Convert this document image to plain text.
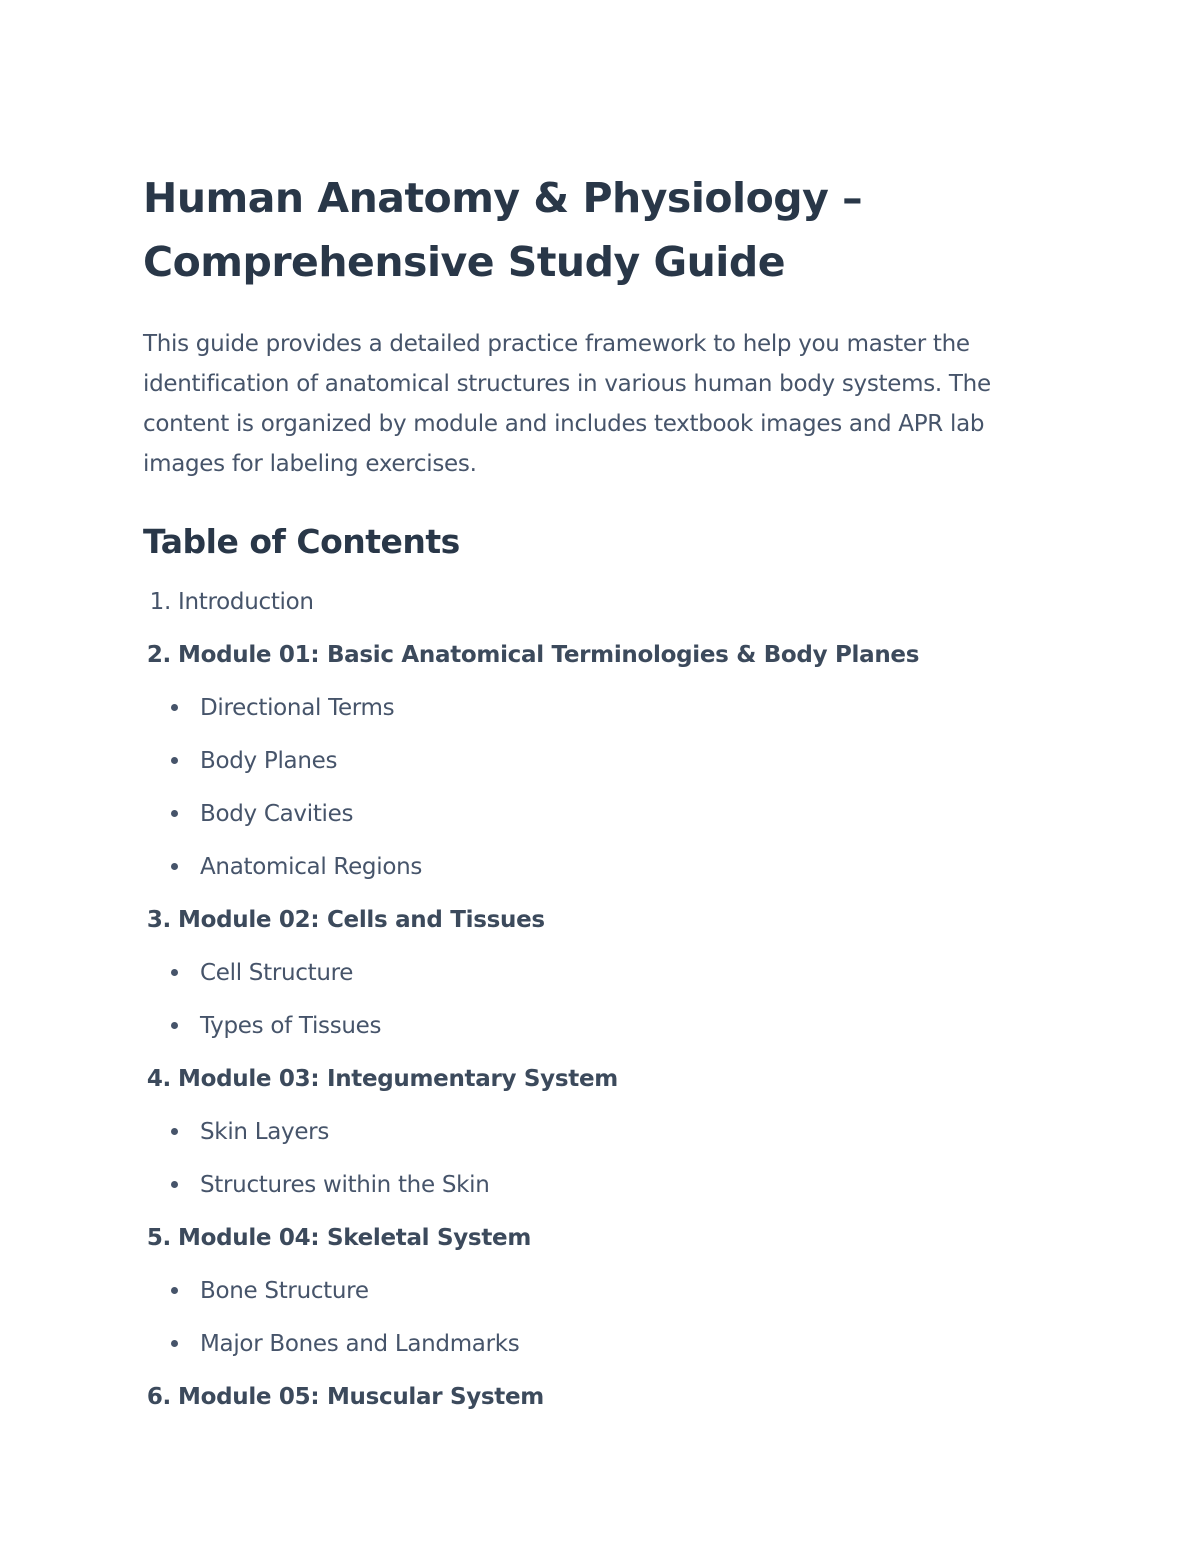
Human Anatomy & Physiology –
Comprehensive Study Guide

This guide provides a detailed practice framework to help you master the identification of anatomical structures in various human body systems. The content is organized by module and includes textbook images and APR lab images for labeling exercises.

Table of Contents
1.
Introduction
2.
Module 01: Basic Anatomical Terminologies & Body Planes
Directional Terms
Body Planes
Body Cavities
Anatomical Regions
3.
Module 02: Cells and Tissues
Cell Structure
Types of Tissues
4.
Module 03: Integumentary System
Skin Layers
Structures within the Skin
5.
Module 04: Skeletal System
Bone Structure
Major Bones and Landmarks
6.
Module 05: Muscular System
